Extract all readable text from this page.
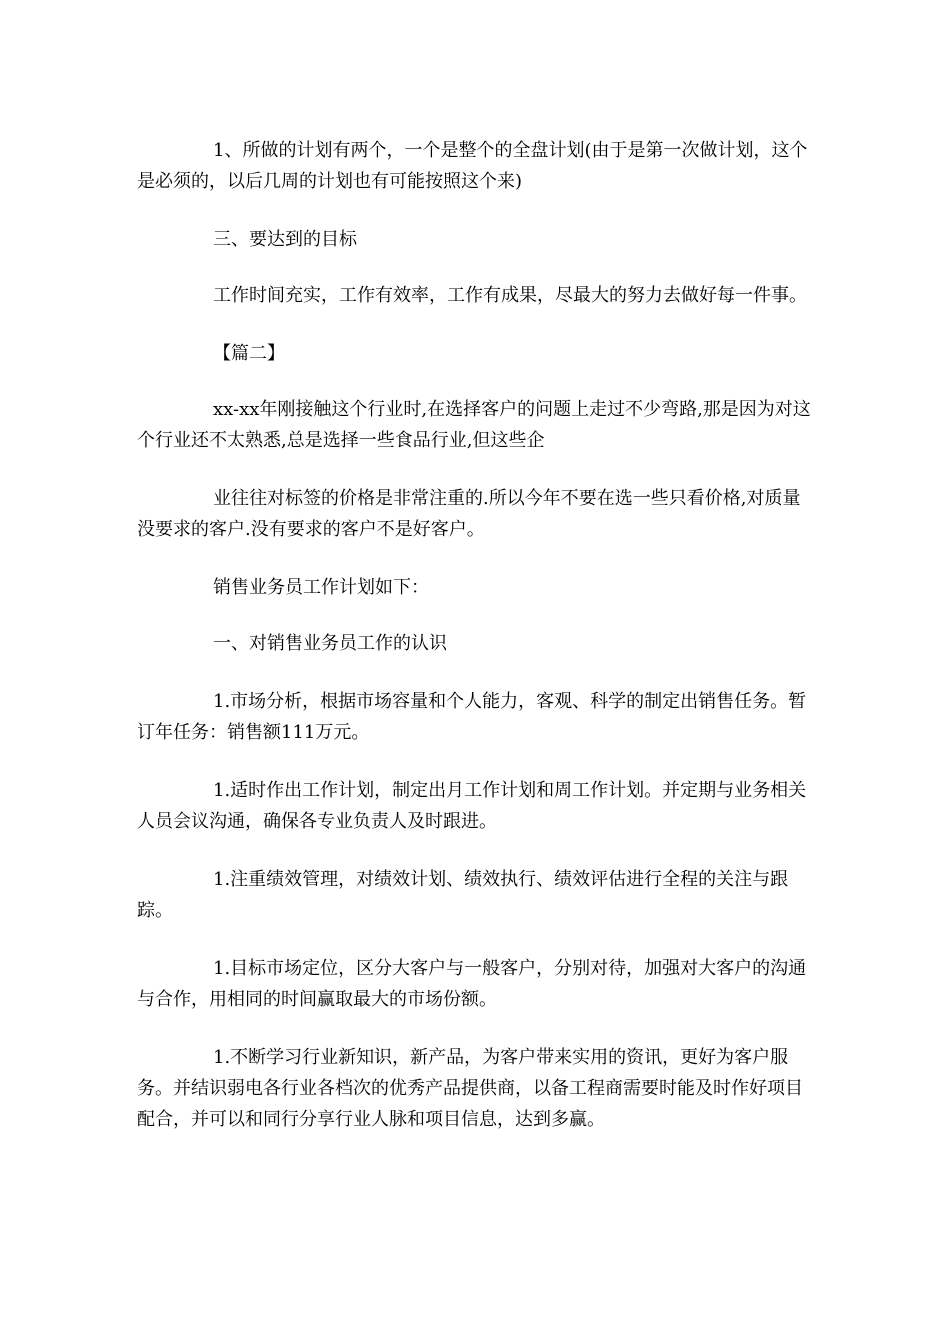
1、所做的计划有两个，一个是整个的全盘计划(由于是第一次做计划，这个是必须的，以后几周的计划也有可能按照这个来)

三、要达到的目标

工作时间充实，工作有效率，工作有成果，尽最大的努力去做好每一件事。

【篇二】

xx-xx年刚接触这个行业时,在选择客户的问题上走过不少弯路,那是因为对这个行业还不太熟悉,总是选择一些食品行业,但这些企

业往往对标签的价格是非常注重的.所以今年不要在选一些只看价格,对质量没要求的客户.没有要求的客户不是好客户。

销售业务员工作计划如下：

一、对销售业务员工作的认识

1.市场分析，根据市场容量和个人能力，客观、科学的制定出销售任务。暂订年任务：销售额111万元。

1.适时作出工作计划，制定出月工作计划和周工作计划。并定期与业务相关人员会议沟通，确保各专业负责人及时跟进。

1.注重绩效管理，对绩效计划、绩效执行、绩效评估进行全程的关注与跟踪。

1.目标市场定位，区分大客户与一般客户，分别对待，加强对大客户的沟通与合作，用相同的时间赢取最大的市场份额。

1.不断学习行业新知识，新产品，为客户带来实用的资讯，更好为客户服务。并结识弱电各行业各档次的优秀产品提供商，以备工程商需要时能及时作好项目配合，并可以和同行分享行业人脉和项目信息，达到多赢。
